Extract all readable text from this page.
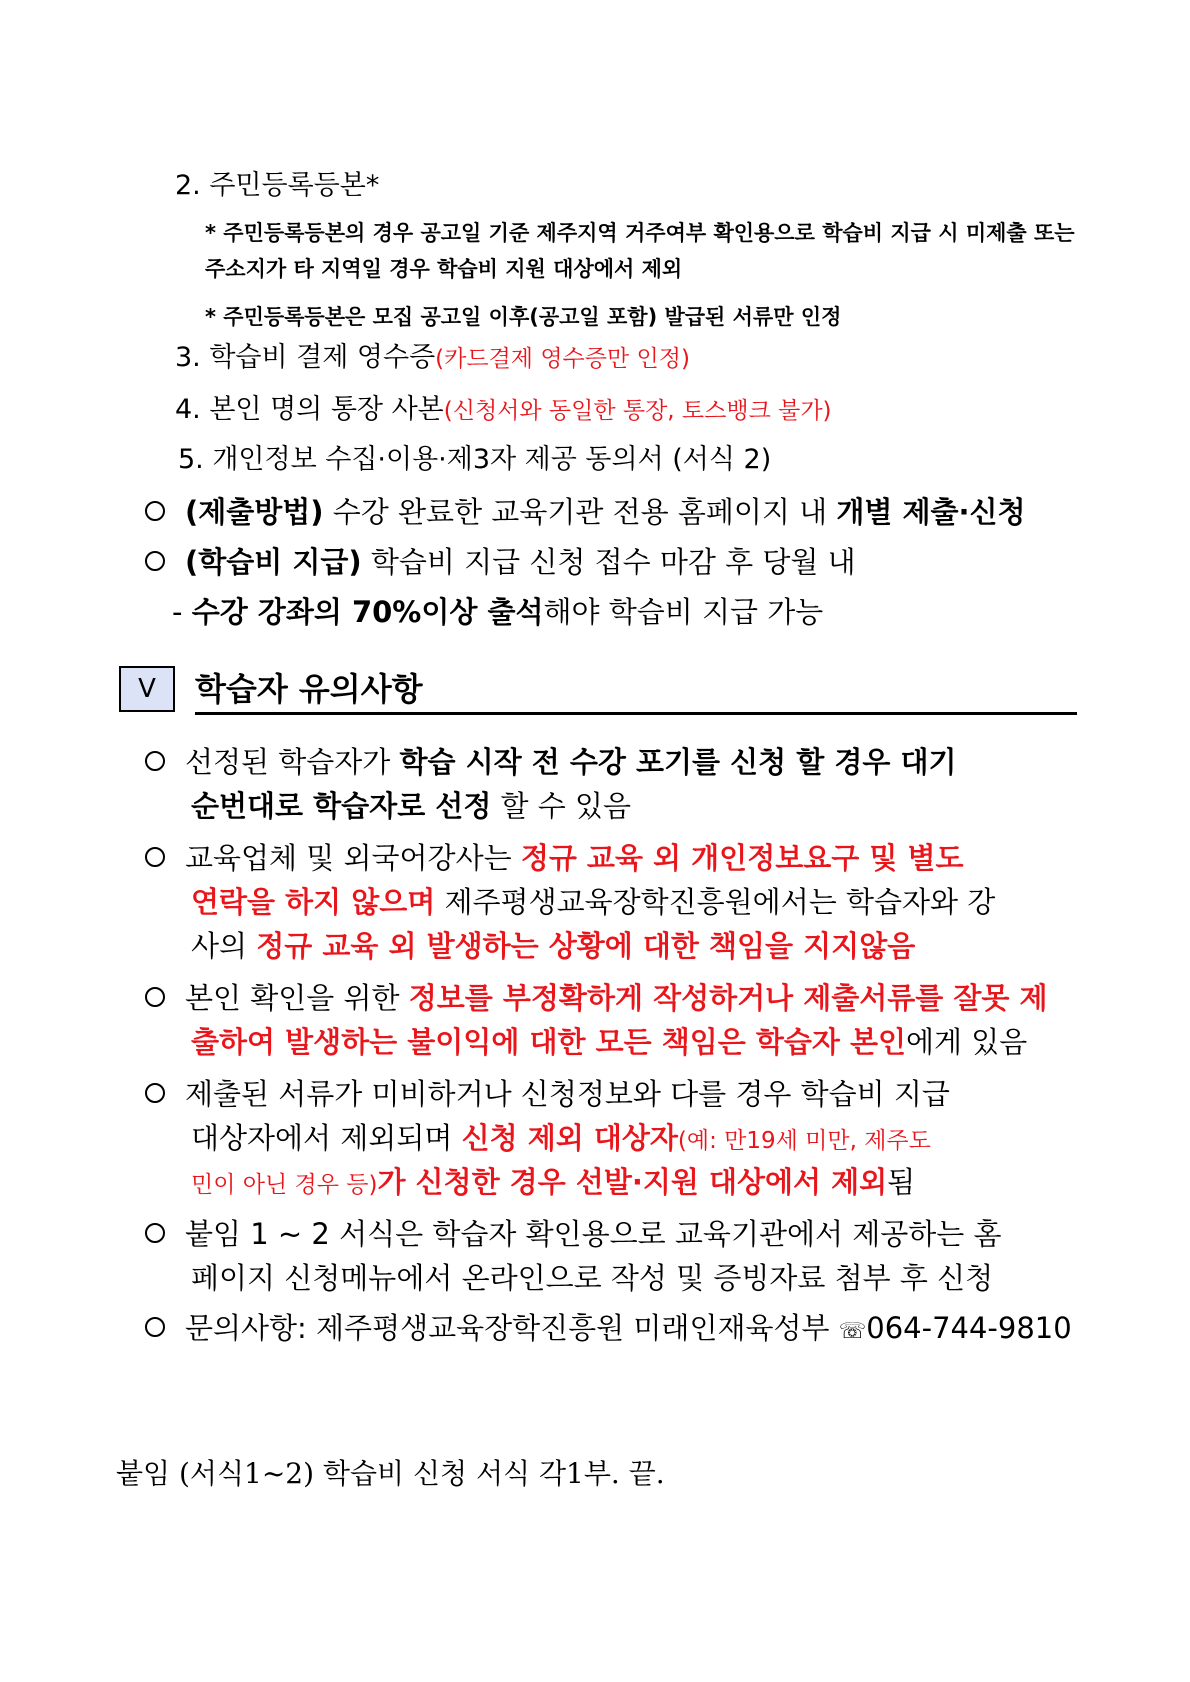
2. 주민등록등본*
* 주민등록등본의 경우 공고일 기준 제주지역 거주여부 확인용으로 학습비 지급 시 미제출 또는
주소지가 타 지역일 경우 학습비 지원 대상에서 제외
* 주민등록등본은 모집 공고일 이후(공고일 포함) 발급된 서류만 인정
3. 학습비 결제 영수증(카드결제 영수증만 인정)
4. 본인 명의 통장 사본(신청서와 동일한 통장, 토스뱅크 불가)
5. 개인정보 수집·이용·제3자 제공 동의서 (서식 2)
(제출방법) 수강 완료한 교육기관 전용 홈페이지 내 개별 제출·신청
(학습비 지급) 학습비 지급 신청 접수 마감 후 당월 내
- 수강 강좌의 70%이상 출석해야 학습비 지급 가능
V	학습자 유의사항
선정된 학습자가 학습 시작 전 수강 포기를 신청 할 경우 대기
순번대로 학습자로 선정 할 수 있음
교육업체 및 외국어강사는 정규 교육 외 개인정보요구 및 별도
연락을 하지 않으며 제주평생교육장학진흥원에서는 학습자와 강
사의 정규 교육 외 발생하는 상황에 대한 책임을 지지않음
본인 확인을 위한 정보를 부정확하게 작성하거나 제출서류를 잘못 제
출하여 발생하는 불이익에 대한 모든 책임은 학습자 본인에게 있음
제출된 서류가 미비하거나 신청정보와 다를 경우 학습비 지급
대상자에서 제외되며 신청 제외 대상자(예: 만19세 미만, 제주도
민이 아닌 경우 등)가 신청한 경우 선발·지원 대상에서 제외됨
붙임 1 ~ 2 서식은 학습자 확인용으로 교육기관에서 제공하는 홈
페이지 신청메뉴에서 온라인으로 작성 및 증빙자료 첨부 후 신청
문의사항: 제주평생교육장학진흥원 미래인재육성부 ☏064-744-9810
붙임 (서식1~2) 학습비 신청 서식 각1부. 끝.
